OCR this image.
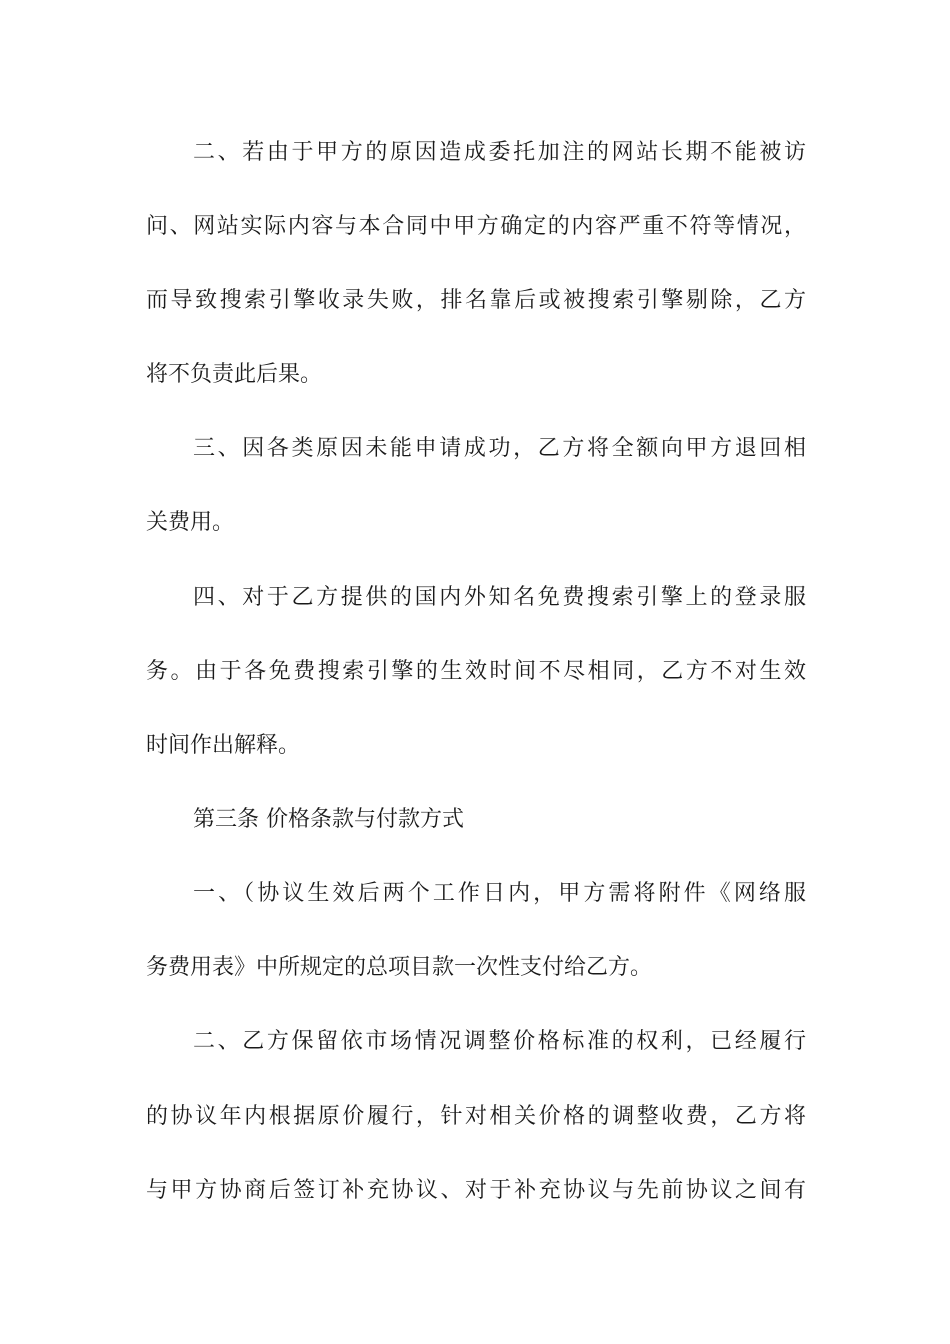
二、若由于甲方的原因造成委托加注的网站长期不能被访
问、网站实际内容与本合同中甲方确定的内容严重不符等情况，
而导致搜索引擎收录失败，排名靠后或被搜索引擎剔除，乙方
将不负责此后果。
三、因各类原因未能申请成功，乙方将全额向甲方退回相
关费用。
四、对于乙方提供的国内外知名免费搜索引擎上的登录服
务。由于各免费搜索引擎的生效时间不尽相同，乙方不对生效
时间作出解释。
第三条 价格条款与付款方式
一、（协议生效后两个工作日内，甲方需将附件《网络服
务费用表》中所规定的总项目款一次性支付给乙方。
二、乙方保留依市场情况调整价格标准的权利，已经履行
的协议年内根据原价履行，针对相关价格的调整收费，乙方将
与甲方协商后签订补充协议、对于补充协议与先前协议之间有
